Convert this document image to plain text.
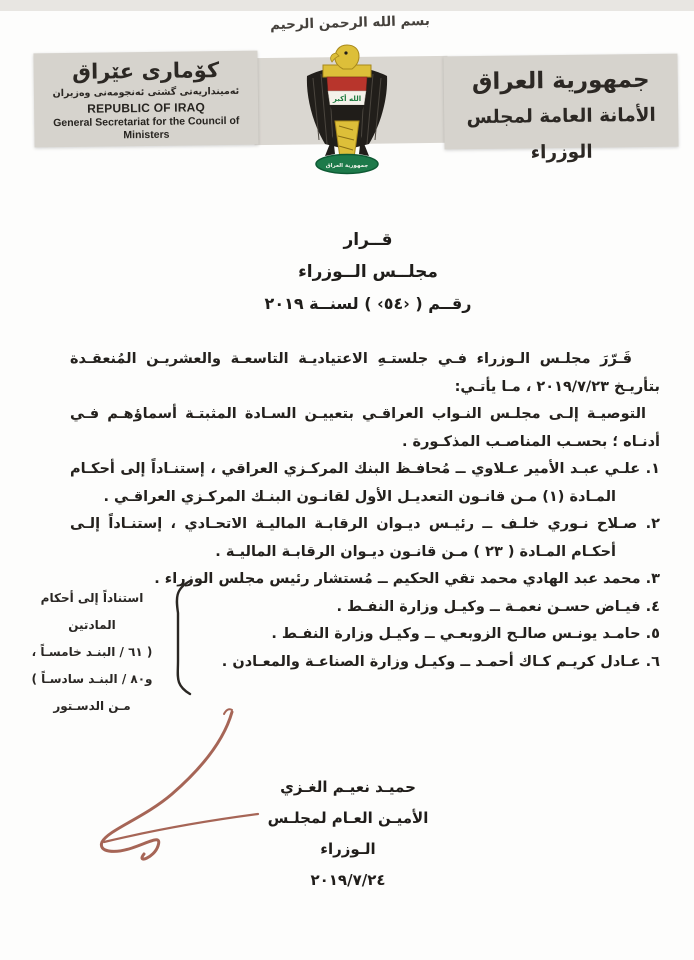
بسم الله الرحمن الرحيم
كۆمارى عێراق
ئەمینداریەتی گشتی ئەنجومەنی وەزیران
REPUBLIC OF IRAQ
General Secretariat for the Council of Ministers
جمهورية العراق
الأمانة العامة لمجلس الوزراء
الله أكبر
جمهورية العراق
قــرار
مجلــس الــوزراء
رقــم ( ‹٥٤› ) لسنــة ٢٠١٩

قَـرّرَ مجلـس الـوزراء فـي جلستـهِ الاعتياديـة التاسعـة والعشريـن المُنعقـدة بتأريـخ ٢٠١٩/٧/٢٣ ، مـا يأتـي:

التوصيـة إلـى مجلـس النـواب العراقـي بتعييـن السـادة المثبتـة أسماؤهـم فـي أدنـاه ؛ بحسـب المناصـب المذكـورة .

١. علـي عبـد الأمير عـلاوي ــ مُحافـظ البنك المركـزي العراقي ، إستنـاداً إلى أحكـام المـادة (١) مـن قانـون التعديـل الأول لقانـون البنـك المركـزي العراقـي .
٢. صـلاح نـوري خلـف ــ رئيـس ديـوان الرقابـة الماليـة الاتحـادي ، إستنـاداً إلـى أحكـام المـادة ( ٢٣ ) مـن قانـون ديـوان الرقابـة الماليـة .
٣. محمد عبد الهادي محمد تقي الحكيم ــ مُستشار رئيس مجلس الوزراء .
٤. فيـاض حسـن نعمـة ــ وكيـل وزارة النفـط .
٥. حامـد يونـس صالـح الزوبعـي ــ وكيـل وزارة النفـط .
٦. عـادل كريـم كـاك أحمـد ــ وكيـل وزارة الصناعـة والمعـادن .
استناداً إلى أحكام المادتين
( ٦١ / البنـد خامسـاً ،
و٨٠ / البنـد سادسـاً )
مـن الدسـتور
حميـد نعيـم الغـزي
الأميـن العـام لمجلـس الـوزراء
٢٠١٩/٧/٢٤
